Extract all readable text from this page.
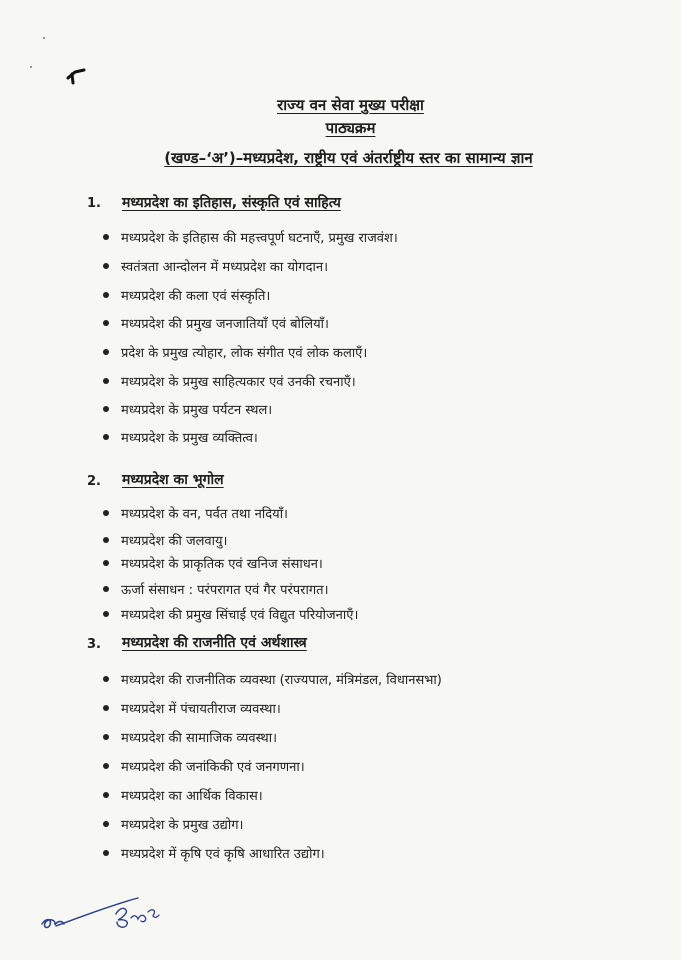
राज्य वन सेवा मुख्य परीक्षा
पाठ्यक्रम
(खण्ड–‘अ’)–मध्यप्रदेश, राष्ट्रीय एवं अंतर्राष्ट्रीय स्तर का सामान्य ज्ञान
1. मध्यप्रदेश का इतिहास, संस्कृति एवं साहित्य
मध्यप्रदेश के इतिहास की महत्त्वपूर्ण घटनाएँ, प्रमुख राजवंश।
स्वतंत्रता आन्दोलन में मध्यप्रदेश का योगदान।
मध्यप्रदेश की कला एवं संस्कृति।
मध्यप्रदेश की प्रमुख जनजातियाँ एवं बोलियाँ।
प्रदेश के प्रमुख त्योहार, लोक संगीत एवं लोक कलाएँ।
मध्यप्रदेश के प्रमुख साहित्यकार एवं उनकी रचनाएँ।
मध्यप्रदेश के प्रमुख पर्यटन स्थल।
मध्यप्रदेश के प्रमुख व्यक्तित्व।
2. मध्यप्रदेश का भूगोल
मध्यप्रदेश के वन, पर्वत तथा नदियाँ।
मध्यप्रदेश की जलवायु।
मध्यप्रदेश के प्राकृतिक एवं खनिज संसाधन।
ऊर्जा संसाधन : परंपरागत एवं गैर परंपरागत।
मध्यप्रदेश की प्रमुख सिंचाई एवं विद्युत परियोजनाएँ।
3. मध्यप्रदेश की राजनीति एवं अर्थशास्त्र
मध्यप्रदेश की राजनीतिक व्यवस्था (राज्यपाल, मंत्रिमंडल, विधानसभा)
मध्यप्रदेश में पंचायतीराज व्यवस्था।
मध्यप्रदेश की सामाजिक व्यवस्था।
मध्यप्रदेश की जनांकिकी एवं जनगणना।
मध्यप्रदेश का आर्थिक विकास।
मध्यप्रदेश के प्रमुख उद्योग।
मध्यप्रदेश में कृषि एवं कृषि आधारित उद्योग।
